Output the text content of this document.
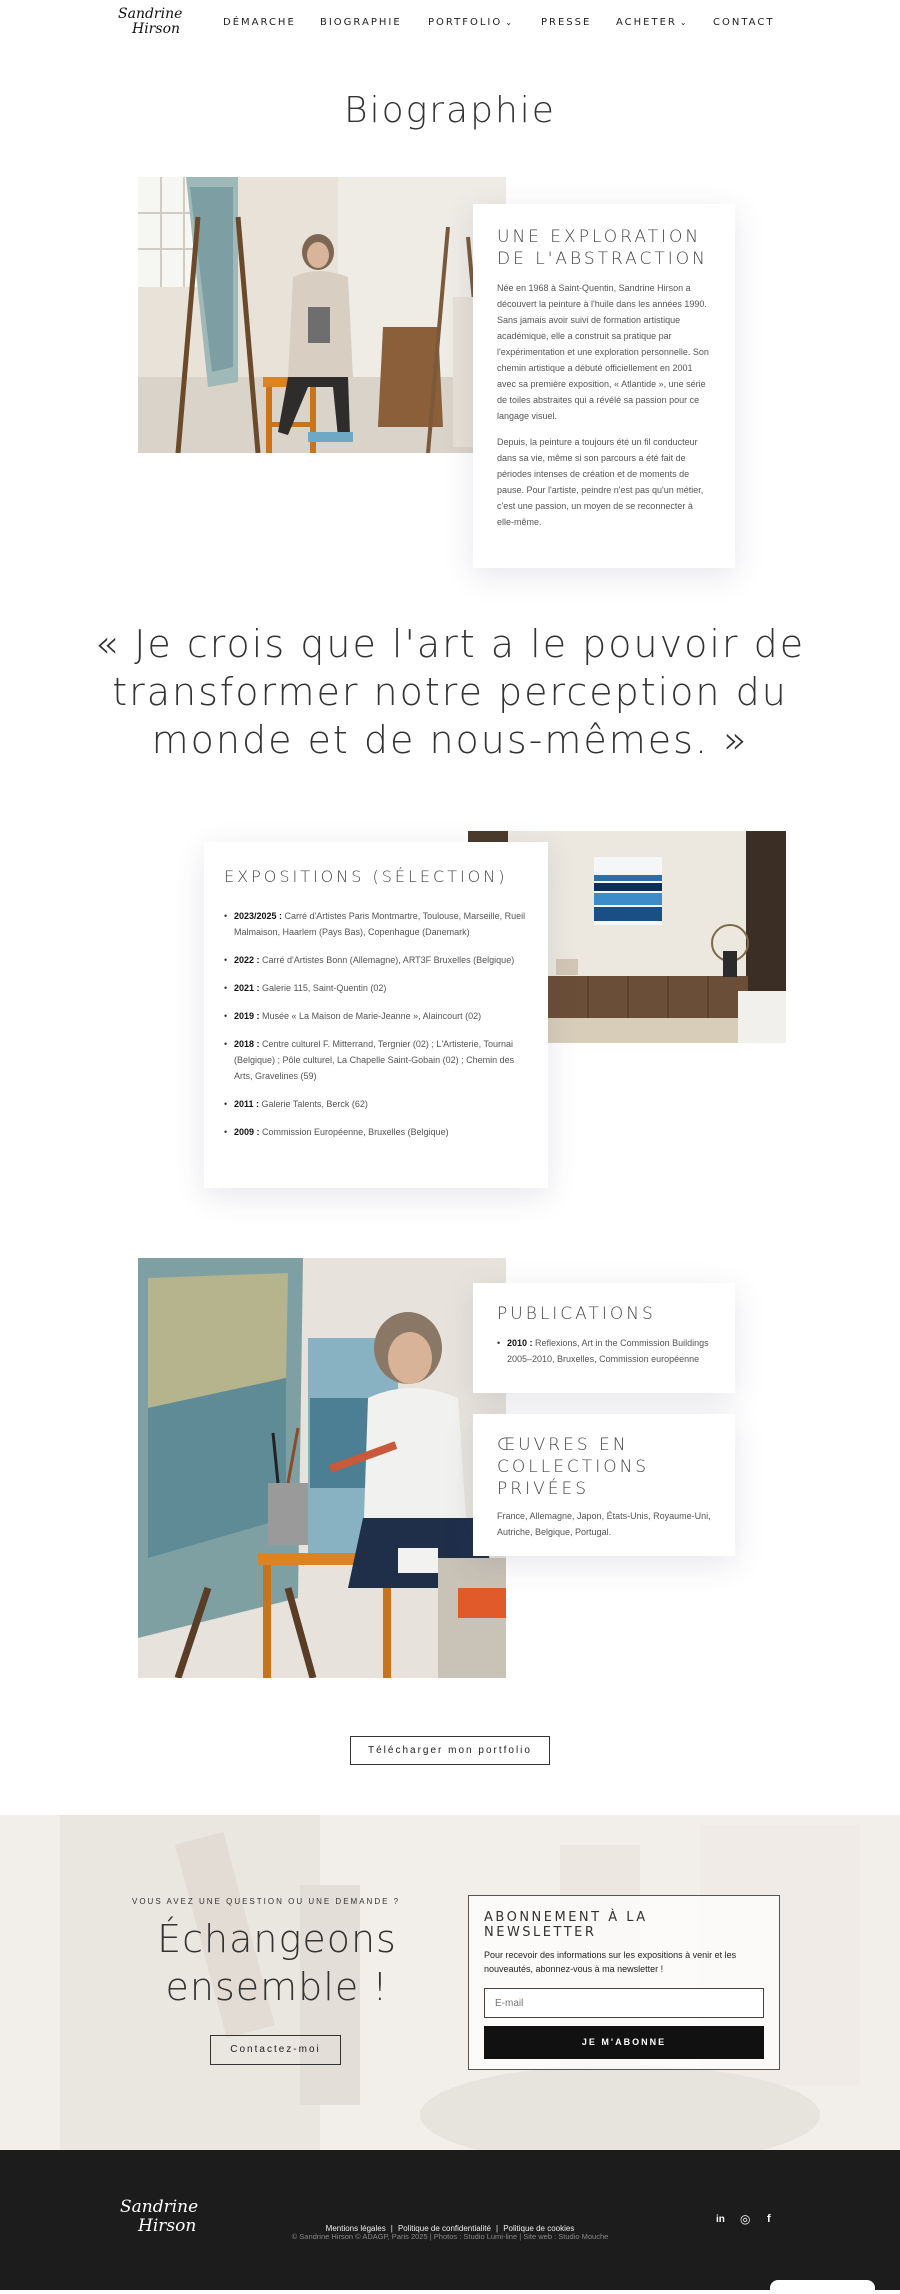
Sandrine
Hirson	DÉMARCHE BIOGRAPHIE	PORTFOLIO ⌄	PRESSE ACHETER ⌄	CONTACT
Biographie
UNE EXPLORATION DE L'ABSTRACTION
Née en 1968 à Saint-Quentin, Sandrine Hirson a découvert la peinture à l'huile dans les années 1990. Sans jamais avoir suivi de formation artistique académique, elle a construit sa pratique par l'expérimentation et une exploration personnelle. Son chemin artistique a débuté officiellement en 2001 avec sa première exposition, « Atlantide », une série de toiles abstraites qui a révélé sa passion pour ce langage visuel.
Depuis, la peinture a toujours été un fil conducteur dans sa vie, même si son parcours a été fait de périodes intenses de création et de moments de pause. Pour l'artiste, peindre n'est pas qu'un métier, c'est une passion, un moyen de se reconnecter à elle-même.
« Je crois que l'art a le pouvoir de transformer notre perception du monde et de nous-mêmes. »
EXPOSITIONS (SÉLECTION)
• 2023/2025 : Carré d'Artistes Paris Montmartre, Toulouse, Marseille, Rueil Malmaison, Haarlem (Pays Bas), Copenhague (Danemark)
• 2022 : Carré d'Artistes Bonn (Allemagne), ART3F Bruxelles (Belgique)
• 2021 : Galerie 115, Saint-Quentin (02)
• 2019 : Musée « La Maison de Marie-Jeanne », Alaincourt (02)
• 2018 : Centre culturel F. Mitterrand, Tergnier (02) ; L'Artisterie, Tournai (Belgique) ; Pôle culturel, La Chapelle Saint-Gobain (02) ; Chemin des Arts, Gravelines (59)
• 2011 : Galerie Talents, Berck (62)
• 2009 : Commission Européenne, Bruxelles (Belgique)
PUBLICATIONS
• 2010 : Reflexions, Art in the Commission Buildings 2005–2010, Bruxelles, Commission européenne
ŒUVRES EN COLLECTIONS PRIVÉES
France, Allemagne, Japon, États-Unis, Royaume-Uni, Autriche, Belgique, Portugal.
Télécharger mon portfolio
VOUS AVEZ UNE QUESTION OU UNE DEMANDE ?
Échangeons
ensemble !
Contactez-moi
ABONNEMENT À LA NEWSLETTER
Pour recevoir des informations sur les expositions à venir et les nouveautés, abonnez-vous à ma newsletter !
E-mail
JE M'ABONNE
Sandrine
Hirson	Mentions légales | Politique de confidentialité | Politique de cookies
© Sandrine Hirson © ADAGP, Paris 2025 | Photos : Studio Lumi-line | Site web : Studio Mouche
in ◎ f
